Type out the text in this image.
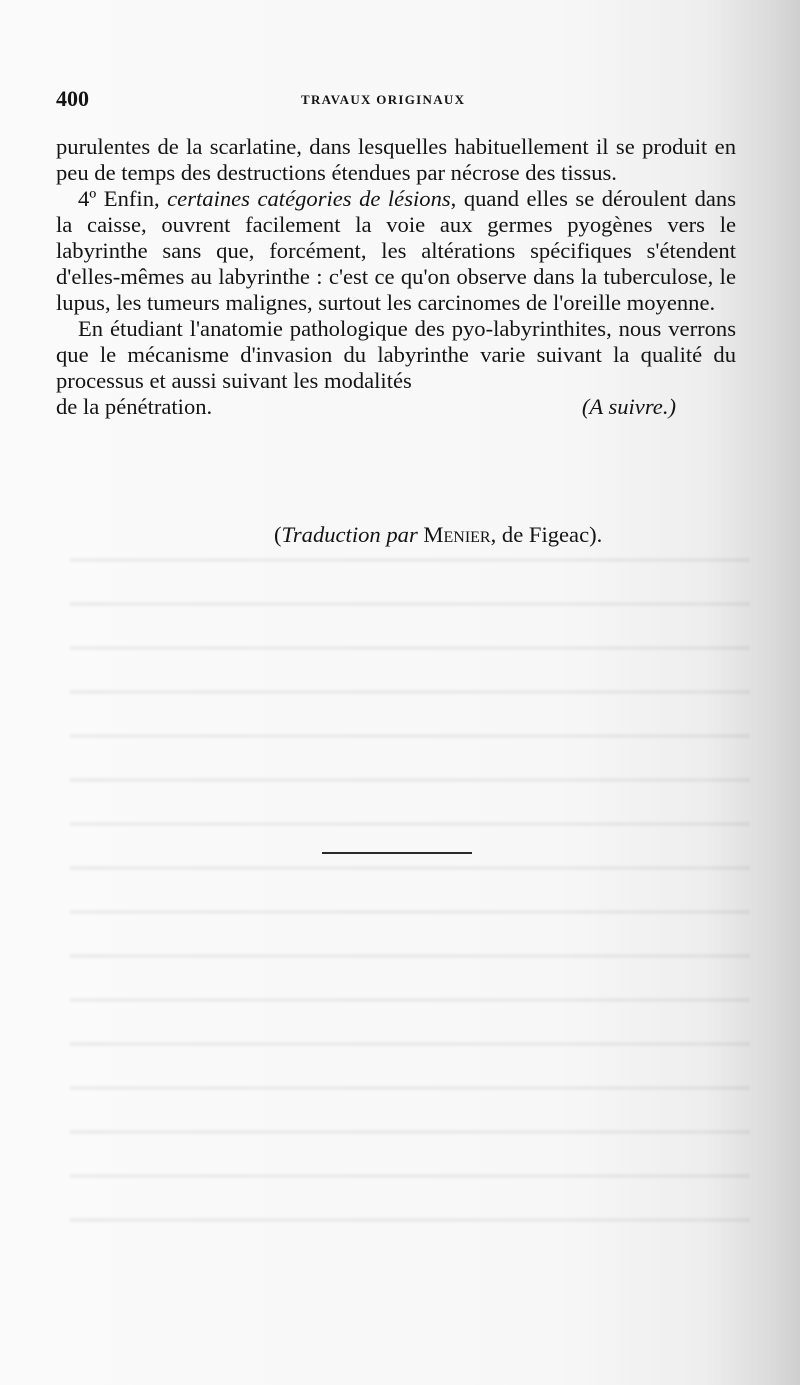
400	TRAVAUX ORIGINAUX

purulentes de la scarlatine, dans lesquelles habituellement il se produit en peu de temps des destructions étendues par nécrose des tissus.

4º Enfin, certaines catégories de lésions, quand elles se déroulent dans la caisse, ouvrent facilement la voie aux germes pyogènes vers le labyrinthe sans que, forcément, les altérations spécifiques s'étendent d'elles-mêmes au labyrinthe : c'est ce qu'on observe dans la tuberculose, le lupus, les tumeurs malignes, surtout les carcinomes de l'oreille moyenne.

En étudiant l'anatomie pathologique des pyo-labyrinthites, nous verrons que le mécanisme d'invasion du labyrinthe varie suivant la qualité du processus et aussi suivant les modalités

de la pénétration.	(A suivre.)
(Traduction par Menier, de Figeac).
